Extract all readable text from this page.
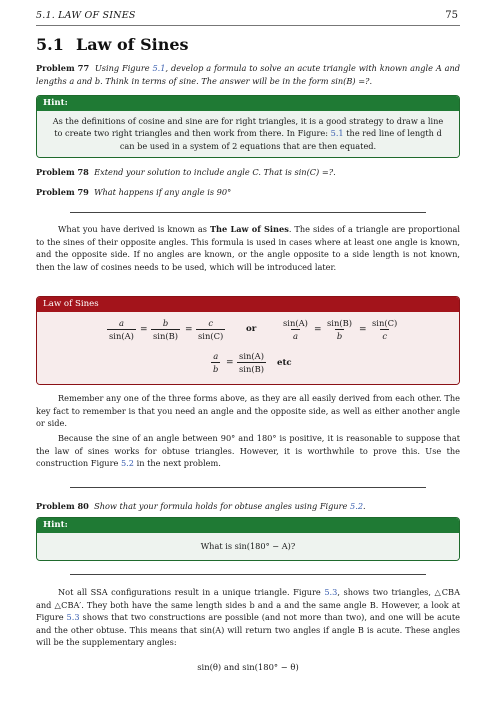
5.1. LAW OF SINES	75
5.1 Law of Sines
Problem 77 Using Figure 5.1, develop a formula to solve an acute triangle with known angle A and lengths a and b. Think in terms of sine. The answer will be in the form sin(B) =?.
Hint:
As the definitions of cosine and sine are for right triangles, it is a good strategy to draw a line to create two right triangles and then work from there. In Figure: 5.1 the red line of length d can be used in a system of 2 equations that are then equated.
Problem 78 Extend your solution to include angle C. That is sin(C) =?.
Problem 79 What happens if any angle is 90°
What you have derived is known as The Law of Sines. The sides of a triangle are proportional to the sines of their opposite angles. This formula is used in cases where at least one angle is known, and the opposite side. If no angles are known, or the angle opposite to a side length is not known, then the law of cosines needs to be used, which will be introduced later.
Law of Sines
$\frac{a}{\sin(A)} = \frac{b}{\sin(B)} = \frac{c}{\sin(C)}$ or	$\frac{\sin(A)}{a} = \frac{\sin(B)}{b} = \frac{\sin(C)}{c}$
$\frac{a}{b} = \frac{\sin(A)}{\sin(B)}$ etc
Remember any one of the three forms above, as they are all easily derived from each other. The key fact to remember is that you need an angle and the opposite side, as well as either another angle or side.
Because the sine of an angle between 90° and 180° is positive, it is reasonable to suppose that the law of sines works for obtuse triangles. However, it is worthwhile to prove this. Use the construction Figure 5.2 in the next problem.
Problem 80 Show that your formula holds for obtuse angles using Figure 5.2.
Hint:
What is sin(180° − A)?
Not all SSA configurations result in a unique triangle. Figure 5.3, shows two triangles, △CBA and △CBA′. They both have the same length sides b and a and the same angle B. However, a look at Figure 5.3 shows that two constructions are possible (and not more than two), and one will be acute and the other obtuse. This means that sin(A) will return two angles if angle B is acute. These angles will be the supplementary angles:
sin(θ) and sin(180° − θ)
